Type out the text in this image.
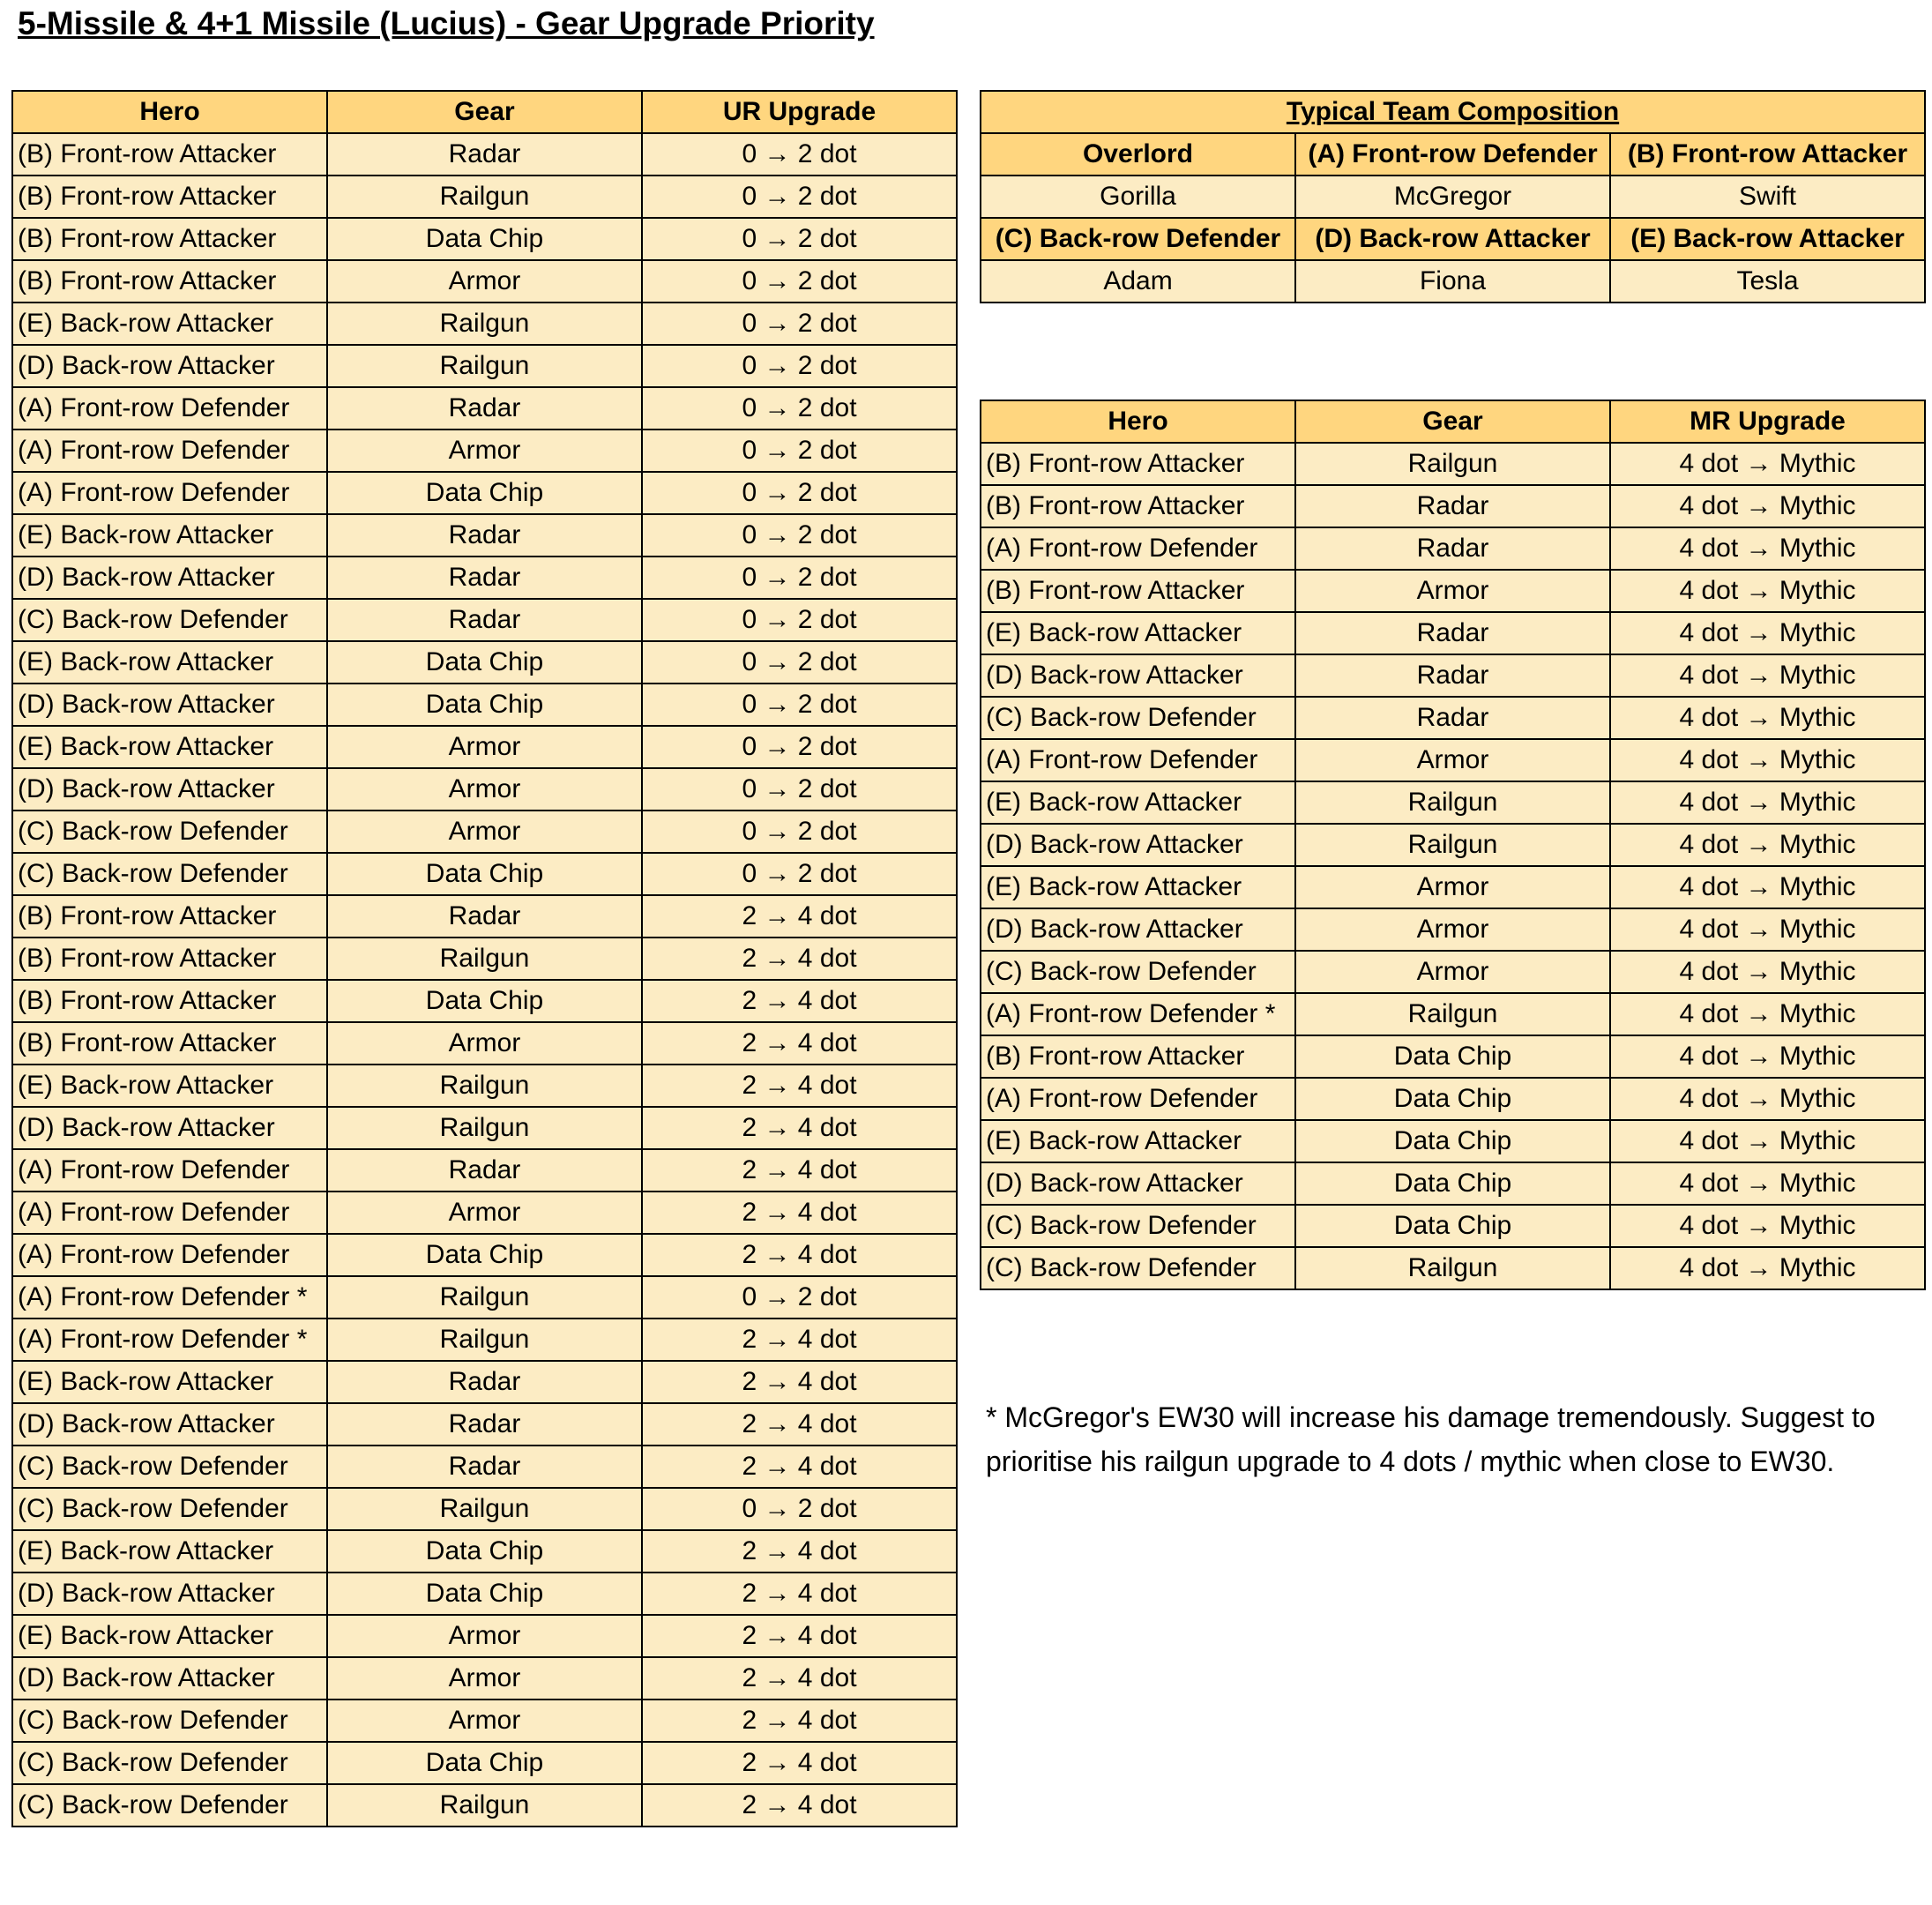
5-Missile & 4+1 Missile (Lucius) - Gear Upgrade Priority
Hero	Gear	UR Upgrade
(B) Front-row Attacker	Radar	0 → 2 dot
(B) Front-row Attacker	Railgun	0 → 2 dot
(B) Front-row Attacker	Data Chip	0 → 2 dot
(B) Front-row Attacker	Armor	0 → 2 dot
(E) Back-row Attacker	Railgun	0 → 2 dot
(D) Back-row Attacker	Railgun	0 → 2 dot
(A) Front-row Defender	Radar	0 → 2 dot
(A) Front-row Defender	Armor	0 → 2 dot
(A) Front-row Defender	Data Chip	0 → 2 dot
(E) Back-row Attacker	Radar	0 → 2 dot
(D) Back-row Attacker	Radar	0 → 2 dot
(C) Back-row Defender	Radar	0 → 2 dot
(E) Back-row Attacker	Data Chip	0 → 2 dot
(D) Back-row Attacker	Data Chip	0 → 2 dot
(E) Back-row Attacker	Armor	0 → 2 dot
(D) Back-row Attacker	Armor	0 → 2 dot
(C) Back-row Defender	Armor	0 → 2 dot
(C) Back-row Defender	Data Chip	0 → 2 dot
(B) Front-row Attacker	Radar	2 → 4 dot
(B) Front-row Attacker	Railgun	2 → 4 dot
(B) Front-row Attacker	Data Chip	2 → 4 dot
(B) Front-row Attacker	Armor	2 → 4 dot
(E) Back-row Attacker	Railgun	2 → 4 dot
(D) Back-row Attacker	Railgun	2 → 4 dot
(A) Front-row Defender	Radar	2 → 4 dot
(A) Front-row Defender	Armor	2 → 4 dot
(A) Front-row Defender	Data Chip	2 → 4 dot
(A) Front-row Defender *	Railgun	0 → 2 dot
(A) Front-row Defender *	Railgun	2 → 4 dot
(E) Back-row Attacker	Radar	2 → 4 dot
(D) Back-row Attacker	Radar	2 → 4 dot
(C) Back-row Defender	Radar	2 → 4 dot
(C) Back-row Defender	Railgun	0 → 2 dot
(E) Back-row Attacker	Data Chip	2 → 4 dot
(D) Back-row Attacker	Data Chip	2 → 4 dot
(E) Back-row Attacker	Armor	2 → 4 dot
(D) Back-row Attacker	Armor	2 → 4 dot
(C) Back-row Defender	Armor	2 → 4 dot
(C) Back-row Defender	Data Chip	2 → 4 dot
(C) Back-row Defender	Railgun	2 → 4 dot
Typical Team Composition		
Overlord	(A) Front-row Defender	(B) Front-row Attacker
Gorilla	McGregor	Swift
(C) Back-row Defender	(D) Back-row Attacker	(E) Back-row Attacker
Adam	Fiona	Tesla
Hero	Gear	MR Upgrade
(B) Front-row Attacker	Railgun	4 dot → Mythic
(B) Front-row Attacker	Radar	4 dot → Mythic
(A) Front-row Defender	Radar	4 dot → Mythic
(B) Front-row Attacker	Armor	4 dot → Mythic
(E) Back-row Attacker	Radar	4 dot → Mythic
(D) Back-row Attacker	Radar	4 dot → Mythic
(C) Back-row Defender	Radar	4 dot → Mythic
(A) Front-row Defender	Armor	4 dot → Mythic
(E) Back-row Attacker	Railgun	4 dot → Mythic
(D) Back-row Attacker	Railgun	4 dot → Mythic
(E) Back-row Attacker	Armor	4 dot → Mythic
(D) Back-row Attacker	Armor	4 dot → Mythic
(C) Back-row Defender	Armor	4 dot → Mythic
(A) Front-row Defender *	Railgun	4 dot → Mythic
(B) Front-row Attacker	Data Chip	4 dot → Mythic
(A) Front-row Defender	Data Chip	4 dot → Mythic
(E) Back-row Attacker	Data Chip	4 dot → Mythic
(D) Back-row Attacker	Data Chip	4 dot → Mythic
(C) Back-row Defender	Data Chip	4 dot → Mythic
(C) Back-row Defender	Railgun	4 dot → Mythic
* McGregor's EW30 will increase his damage tremendously. Suggest to prioritise his railgun upgrade to 4 dots / mythic when close to EW30.
